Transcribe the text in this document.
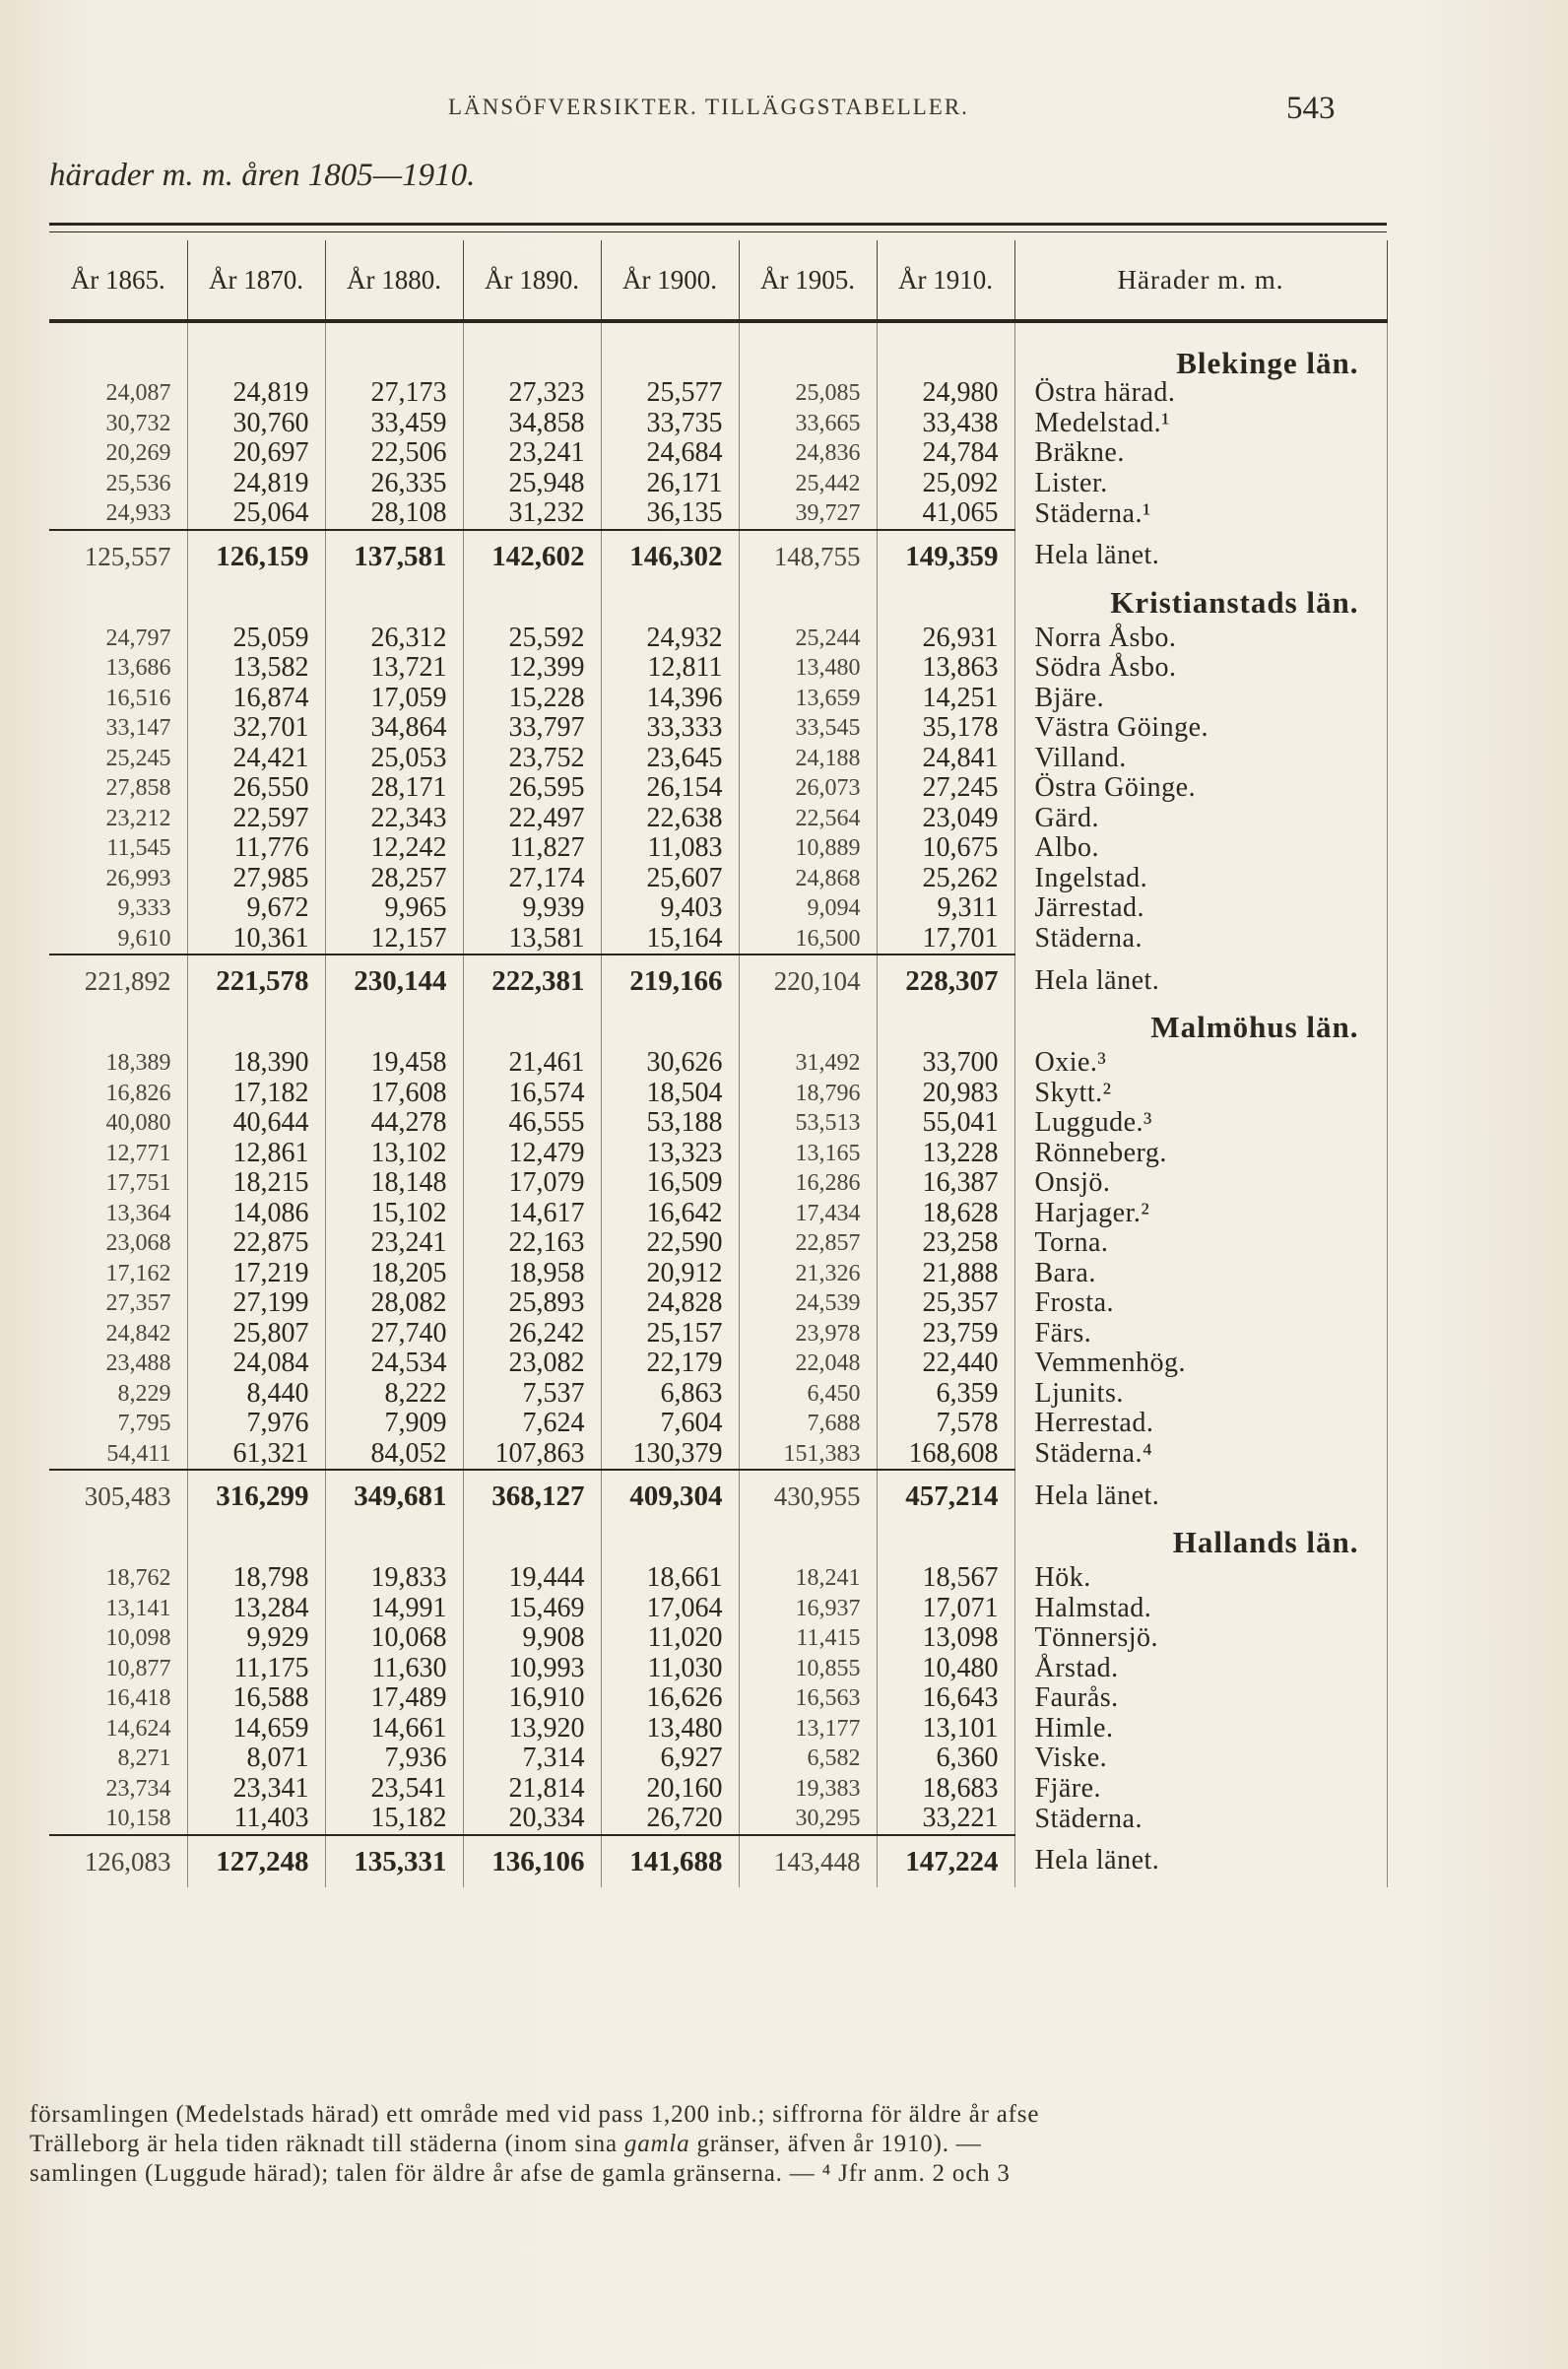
LÄNSÖFVERSIKTER. TILLÄGGSTABELLER.	543
härader m. m. åren 1805—1910.
År 1865.	År 1870.	År 1880.	År 1890.	År 1900.	År 1905.	År 1910.	Härader m. m.
							Blekinge län.
24,087	24,819	27,173	27,323	25,577	25,085	24,980	Östra härad.
30,732	30,760	33,459	34,858	33,735	33,665	33,438	Medelstad.¹
20,269	20,697	22,506	23,241	24,684	24,836	24,784	Bräkne.
25,536	24,819	26,335	25,948	26,171	25,442	25,092	Lister.
24,933	25,064	28,108	31,232	36,135	39,727	41,065	Städerna.¹
125,557	126,159	137,581	142,602	146,302	148,755	149,359	Hela länet.
							Kristianstads län.
24,797	25,059	26,312	25,592	24,932	25,244	26,931	Norra Åsbo.
13,686	13,582	13,721	12,399	12,811	13,480	13,863	Södra Åsbo.
16,516	16,874	17,059	15,228	14,396	13,659	14,251	Bjäre.
33,147	32,701	34,864	33,797	33,333	33,545	35,178	Västra Göinge.
25,245	24,421	25,053	23,752	23,645	24,188	24,841	Villand.
27,858	26,550	28,171	26,595	26,154	26,073	27,245	Östra Göinge.
23,212	22,597	22,343	22,497	22,638	22,564	23,049	Gärd.
11,545	11,776	12,242	11,827	11,083	10,889	10,675	Albo.
26,993	27,985	28,257	27,174	25,607	24,868	25,262	Ingelstad.
9,333	9,672	9,965	9,939	9,403	9,094	9,311	Järrestad.
9,610	10,361	12,157	13,581	15,164	16,500	17,701	Städerna.
221,892	221,578	230,144	222,381	219,166	220,104	228,307	Hela länet.
							Malmöhus län.
18,389	18,390	19,458	21,461	30,626	31,492	33,700	Oxie.³
16,826	17,182	17,608	16,574	18,504	18,796	20,983	Skytt.²
40,080	40,644	44,278	46,555	53,188	53,513	55,041	Luggude.³
12,771	12,861	13,102	12,479	13,323	13,165	13,228	Rönneberg.
17,751	18,215	18,148	17,079	16,509	16,286	16,387	Onsjö.
13,364	14,086	15,102	14,617	16,642	17,434	18,628	Harjager.²
23,068	22,875	23,241	22,163	22,590	22,857	23,258	Torna.
17,162	17,219	18,205	18,958	20,912	21,326	21,888	Bara.
27,357	27,199	28,082	25,893	24,828	24,539	25,357	Frosta.
24,842	25,807	27,740	26,242	25,157	23,978	23,759	Färs.
23,488	24,084	24,534	23,082	22,179	22,048	22,440	Vemmenhög.
8,229	8,440	8,222	7,537	6,863	6,450	6,359	Ljunits.
7,795	7,976	7,909	7,624	7,604	7,688	7,578	Herrestad.
54,411	61,321	84,052	107,863	130,379	151,383	168,608	Städerna.⁴
305,483	316,299	349,681	368,127	409,304	430,955	457,214	Hela länet.
							Hallands län.
18,762	18,798	19,833	19,444	18,661	18,241	18,567	Hök.
13,141	13,284	14,991	15,469	17,064	16,937	17,071	Halmstad.
10,098	9,929	10,068	9,908	11,020	11,415	13,098	Tönnersjö.
10,877	11,175	11,630	10,993	11,030	10,855	10,480	Årstad.
16,418	16,588	17,489	16,910	16,626	16,563	16,643	Faurås.
14,624	14,659	14,661	13,920	13,480	13,177	13,101	Himle.
8,271	8,071	7,936	7,314	6,927	6,582	6,360	Viske.
23,734	23,341	23,541	21,814	20,160	19,383	18,683	Fjäre.
10,158	11,403	15,182	20,334	26,720	30,295	33,221	Städerna.
126,083	127,248	135,331	136,106	141,688	143,448	147,224	Hela länet.
församlingen (Medelstads härad) ett område med vid pass 1,200 inb.; siffrorna för äldre år afse
Trälleborg är hela tiden räknadt till städerna (inom sina gamla gränser, äfven år 1910). —
samlingen (Luggude härad); talen för äldre år afse de gamla gränserna. — ⁴ Jfr anm. 2 och 3
